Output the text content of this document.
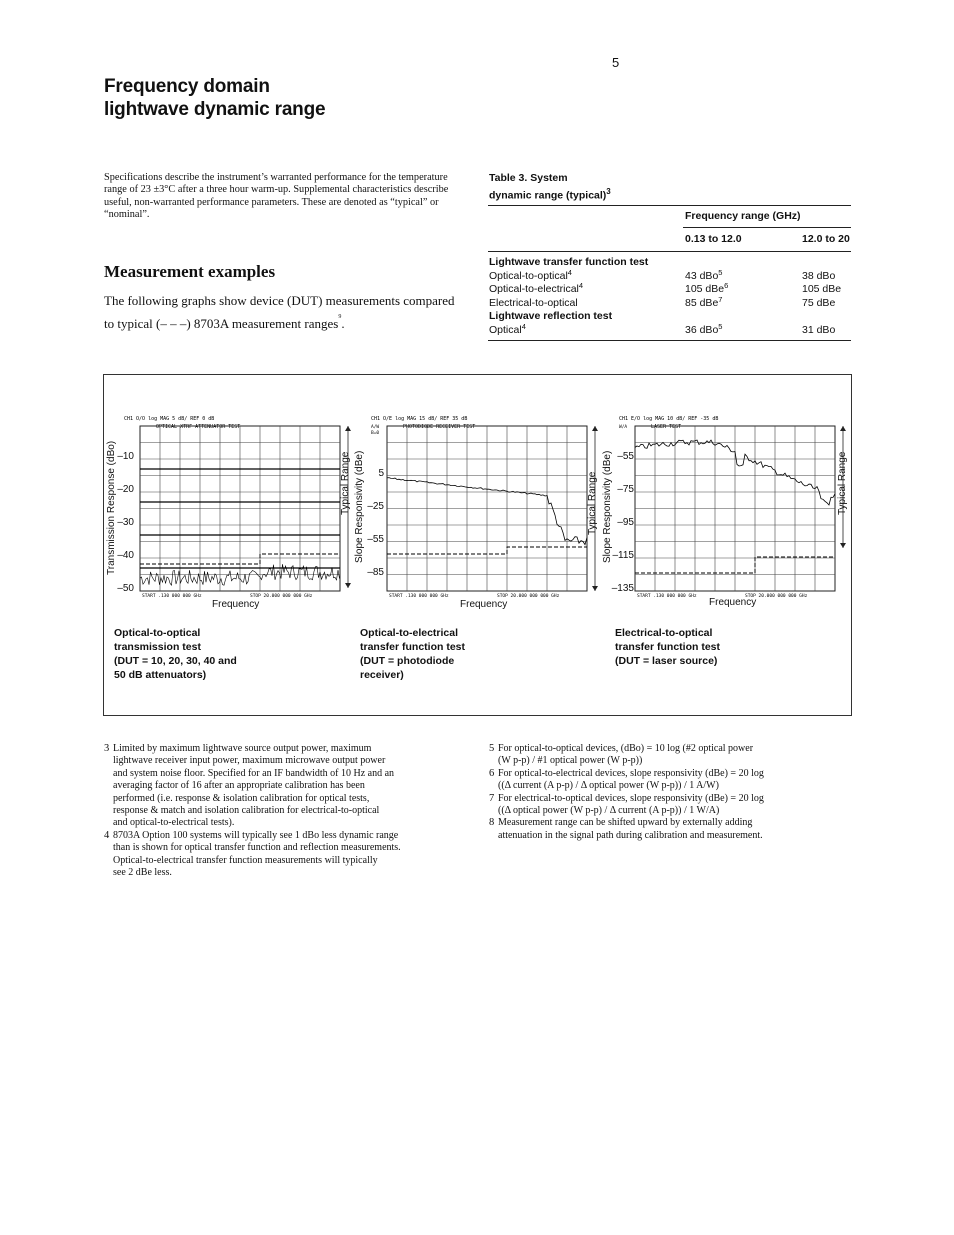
5
Frequency domain
lightwave dynamic range
Specifications describe the instrument’s warranted performance for the temperature range of 23 ±3°C after a three hour warm-up. Supplemental characteristics describe useful, non-warranted performance parameters. These are denoted as “typical” or “nominal”.
Measurement examples
The following graphs show device (DUT) measurements compared to typical (– – –) 8703A measurement ranges$^9$.
Table 3. System
dynamic range (typical)$^3$
Frequency range (GHz)
0.13 to 12.0	12.0 to 20
Lightwave transfer function test
Optical-to-optical$^4$	43 dBo$^5$	38 dBo
Optical-to-electrical$^4$	105 dBe$^6$	105 dBe
Electrical-to-optical	85 dBe$^7$	75 dBe
Lightwave reflection test
Optical$^4$	36 dBo$^5$	31 dBo
Transmission Response (dBo) –10
–20
–30
–40
–50
CH1 O/O log MAG 5 dB/ REF 0 dB
OPTICAL XTRF ATTENUATOR TEST
START .130 000 000 GHz	STOP 20.000 000 000 GHz
Frequency
Typical Range
Optical-to-optical
transmission test
(DUT = 10, 20, 30, 40 and
50 dB attenuators)
Slope Responsivity (dBe)	5
–25
–55
–85
CH1 O/E log MAG 15 dB/ REF 35 dB
PHOTODIODE RECEIVER TEST
A/W
B=0
START .130 000 000 GHz	STOP 20.000 000 000 GHz
Frequency
Typical Range
Optical-to-electrical
transfer function test
(DUT = photodiode
receiver)
Slope Responsivity (dBe) –55
–75
–95
–115
–135
CH1 E/O log MAG 10 dB/ REF -35 dB
LASER TEST
W/A
START .130 000 000 GHz	STOP 20.000 000 000 GHz
Frequency
Typical Range
Electrical-to-optical
transfer function test
(DUT = laser source)
3 Limited by maximum lightwave source output power, maximum
lightwave receiver input power, maximum microwave output power
and system noise floor. Specified for an IF bandwidth of 10 Hz and an
averaging factor of 16 after an appropriate calibration has been
performed (i.e. response & isolation calibration for optical tests,
response & match and isolation calibration for electrical-to-optical
and optical-to-electrical tests).
4 8703A Option 100 systems will typically see 1 dBo less dynamic range
than is shown for optical transfer function and reflection measurements.
Optical-to-electrical transfer function measurements will typically
see 2 dBe less.
5 For optical-to-optical devices, (dBo) = 10 log (#2 optical power
(W p-p) / #1 optical power (W p-p))
6 For optical-to-electrical devices, slope responsivity (dBe) = 20 log
((Δ current (A p-p) / Δ optical power (W p-p)) / 1 A/W)
7 For electrical-to-optical devices, slope responsivity (dBe) = 20 log
((Δ optical power (W p-p) / Δ current (A p-p)) / 1 W/A)
8 Measurement range can be shifted upward by externally adding
attenuation in the signal path during calibration and measurement.
